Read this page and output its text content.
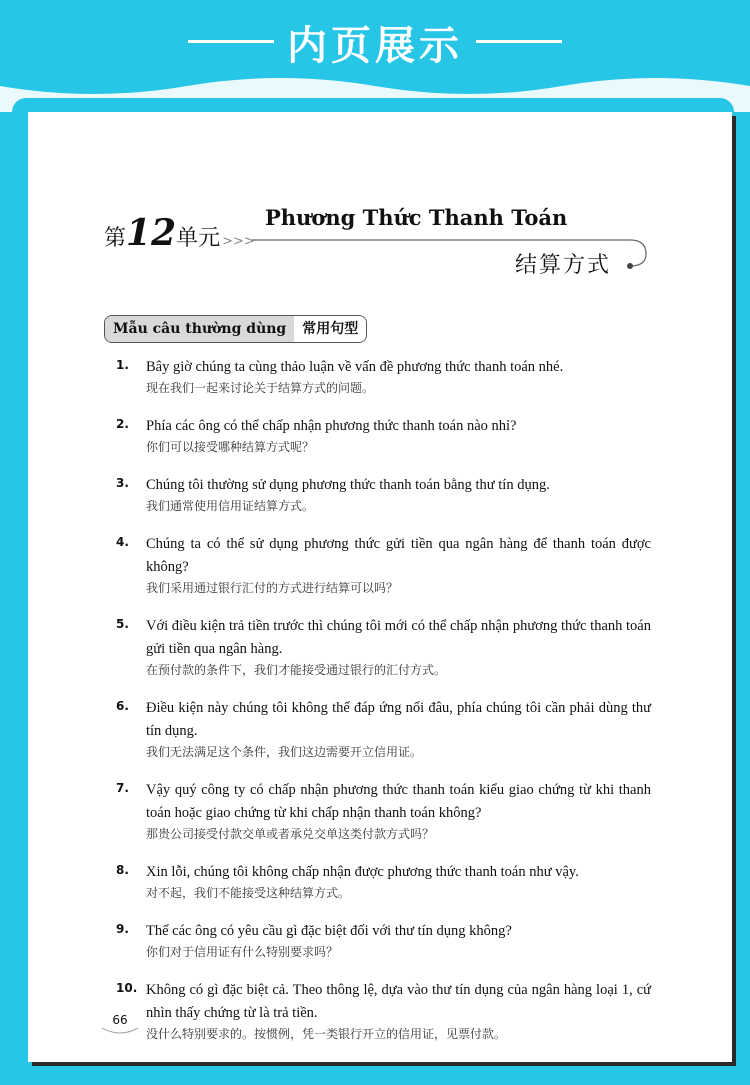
内页展示
第12单元 >>>
Phương Thức Thanh Toán
结算方式
Mẫu câu thường dùng	常用句型
1. Bây giờ chúng ta cùng thảo luận về vấn đề phương thức thanh toán nhé.
现在我们一起来讨论关于结算方式的问题。
2. Phía các ông có thể chấp nhận phương thức thanh toán nào nhỉ?
你们可以接受哪种结算方式呢？
3. Chúng tôi thường sử dụng phương thức thanh toán bằng thư tín dụng.
我们通常使用信用证结算方式。
4. Chúng ta có thể sử dụng phương thức gửi tiền qua ngân hàng để thanh toán được không?
我们采用通过银行汇付的方式进行结算可以吗？
5. Với điều kiện trả tiền trước thì chúng tôi mới có thể chấp nhận phương thức thanh toán gửi tiền qua ngân hàng.
在预付款的条件下，我们才能接受通过银行的汇付方式。
6. Điều kiện này chúng tôi không thể đáp ứng nổi đâu, phía chúng tôi cần phải dùng thư tín dụng.
我们无法满足这个条件，我们这边需要开立信用证。
7. Vậy quý công ty có chấp nhận phương thức thanh toán kiểu giao chứng từ khi thanh toán hoặc giao chứng từ khi chấp nhận thanh toán không?
那贵公司接受付款交单或者承兑交单这类付款方式吗？
8. Xin lỗi, chúng tôi không chấp nhận được phương thức thanh toán như vậy.
对不起，我们不能接受这种结算方式。
9. Thế các ông có yêu cầu gì đặc biệt đối với thư tín dụng không?
你们对于信用证有什么特别要求吗？
10. Không có gì đặc biệt cả. Theo thông lệ, dựa vào thư tín dụng của ngân hàng loại 1, cứ nhìn thấy chứng từ là trả tiền.
没什么特别要求的。按惯例，凭一类银行开立的信用证，见票付款。
66
